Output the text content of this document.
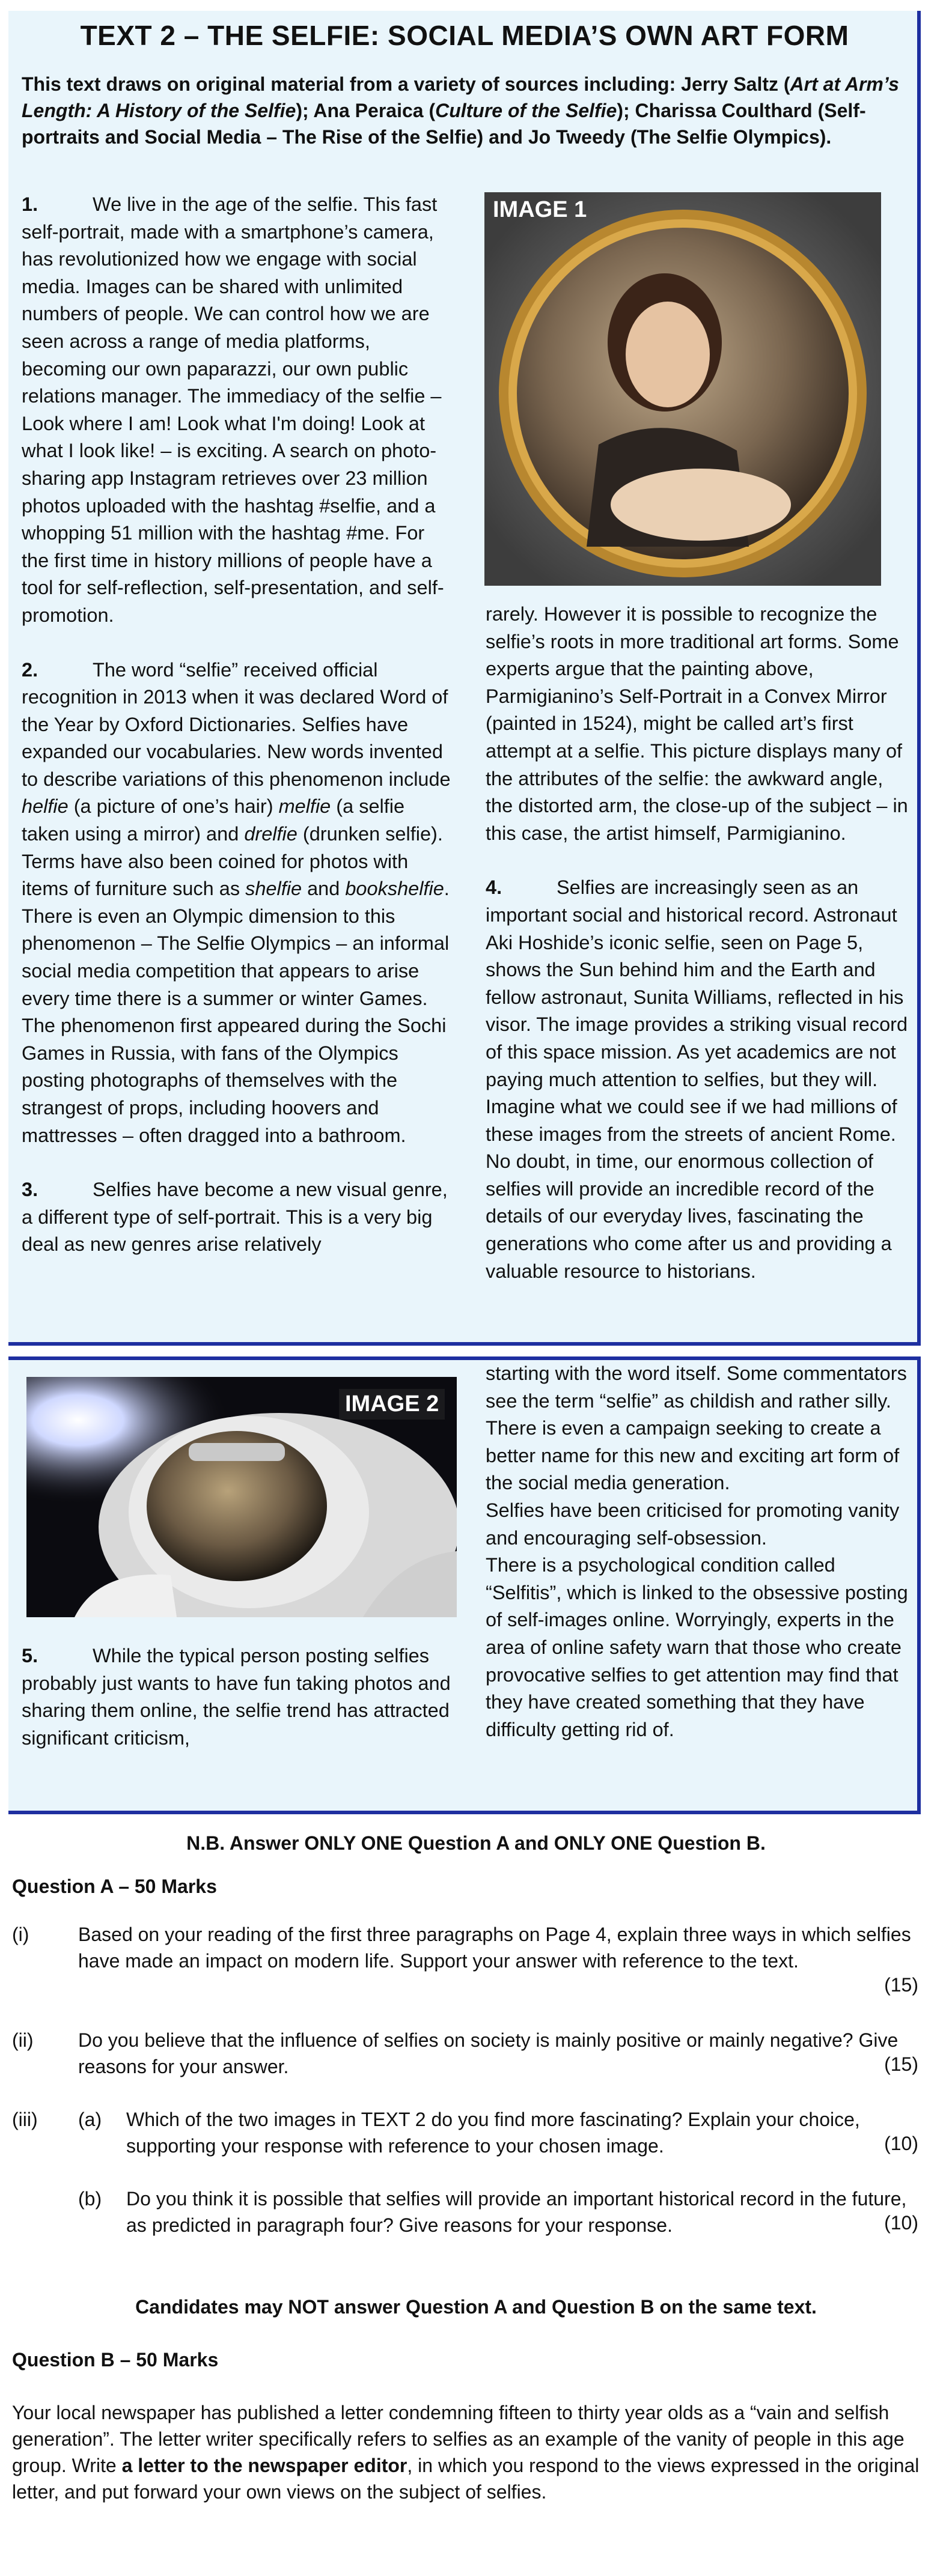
TEXT 2 – THE SELFIE: SOCIAL MEDIA’S OWN ART FORM
This text draws on original material from a variety of sources including: Jerry Saltz (Art at Arm’s Length: A History of the Selfie); Ana Peraica (Culture of the Selfie); Charissa Coulthard (Self-portraits and Social Media – The Rise of the Selfie) and Jo Tweedy (The Selfie Olympics).

1.	We live in the age of the selfie. This fast self-portrait, made with a smartphone’s camera, has revolutionized how we engage with social media. Images can be shared with unlimited numbers of people. We can control how we are seen across a range of media platforms, becoming our own paparazzi, our own public relations manager. The immediacy of the selfie – Look where I am! Look what I'm doing! Look at what I look like! – is exciting. A search on photo-sharing app Instagram retrieves over 23 million photos uploaded with the hashtag #selfie, and a whopping 51 million with the hashtag #me. For the first time in history millions of people have a tool for self-reflection, self-presentation, and self-promotion.

2.	The word “selfie” received official recognition in 2013 when it was declared Word of the Year by Oxford Dictionaries. Selfies have expanded our vocabularies. New words invented to describe variations of this phenomenon include helfie (a picture of one’s hair) melfie (a selfie taken using a mirror) and drelfie (drunken selfie). Terms have also been coined for photos with items of furniture such as shelfie and bookshelfie. There is even an Olympic dimension to this phenomenon – The Selfie Olympics – an informal social media competition that appears to arise every time there is a summer or winter Games. The phenomenon first appeared during the Sochi Games in Russia, with fans of the Olympics posting photographs of themselves with the strangest of props, including hoovers and mattresses – often dragged into a bathroom.

3.	Selfies have become a new visual genre, a different type of self-portrait. This is a very big deal as new genres arise relatively

IMAGE 1

rarely. However it is possible to recognize the selfie’s roots in more traditional art forms. Some experts argue that the painting above, Parmigianino’s Self-Portrait in a Convex Mirror (painted in 1524), might be called art’s first attempt at a selfie. This picture displays many of the attributes of the selfie: the awkward angle, the distorted arm, the close-up of the subject – in this case, the artist himself, Parmigianino.

4.	Selfies are increasingly seen as an important social and historical record. Astronaut Aki Hoshide’s iconic selfie, seen on Page 5, shows the Sun behind him and the Earth and fellow astronaut, Sunita Williams, reflected in his visor. The image provides a striking visual record of this space mission. As yet academics are not paying much attention to selfies, but they will. Imagine what we could see if we had millions of these images from the streets of ancient Rome.

No doubt, in time, our enormous collection of selfies will provide an incredible record of the details of our everyday lives, fascinating the generations who come after us and providing a valuable resource to historians.

IMAGE 2

5.	While the typical person posting selfies probably just wants to have fun taking photos and sharing them online, the selfie trend has attracted significant criticism,

starting with the word itself. Some commentators see the term “selfie” as childish and rather silly. There is even a campaign seeking to create a better name for this new and exciting art form of the social media generation.

Selfies have been criticised for promoting vanity and encouraging self-obsession.

There is a psychological condition called “Selfitis”, which is linked to the obsessive posting of self-images online. Worryingly, experts in the area of online safety warn that those who create provocative selfies to get attention may find that they have created something that they have difficulty getting rid of.

N.B. Answer ONLY ONE Question A and ONLY ONE Question B.
Question A – 50 Marks
(i)	Based on your reading of the first three paragraphs on Page 4, explain three ways in which selfies have made an impact on modern life. Support your answer with reference to the text.
(15)
(ii) Do you believe that the influence of selfies on society is mainly positive or mainly negative? Give reasons for your answer.	(15)
(iii) (a) Which of the two images in TEXT 2 do you find more fascinating? Explain your choice, supporting your response with reference to your chosen image.	(10)
(b) Do you think it is possible that selfies will provide an important historical record in the future, as predicted in paragraph four? Give reasons for your response.	(10)
Candidates may NOT answer Question A and Question B on the same text.
Question B – 50 Marks
Your local newspaper has published a letter condemning fifteen to thirty year olds as a “vain and selfish generation”. The letter writer specifically refers to selfies as an example of the vanity of people in this age group. Write a letter to the newspaper editor, in which you respond to the views expressed in the original letter, and put forward your own views on the subject of selfies.
